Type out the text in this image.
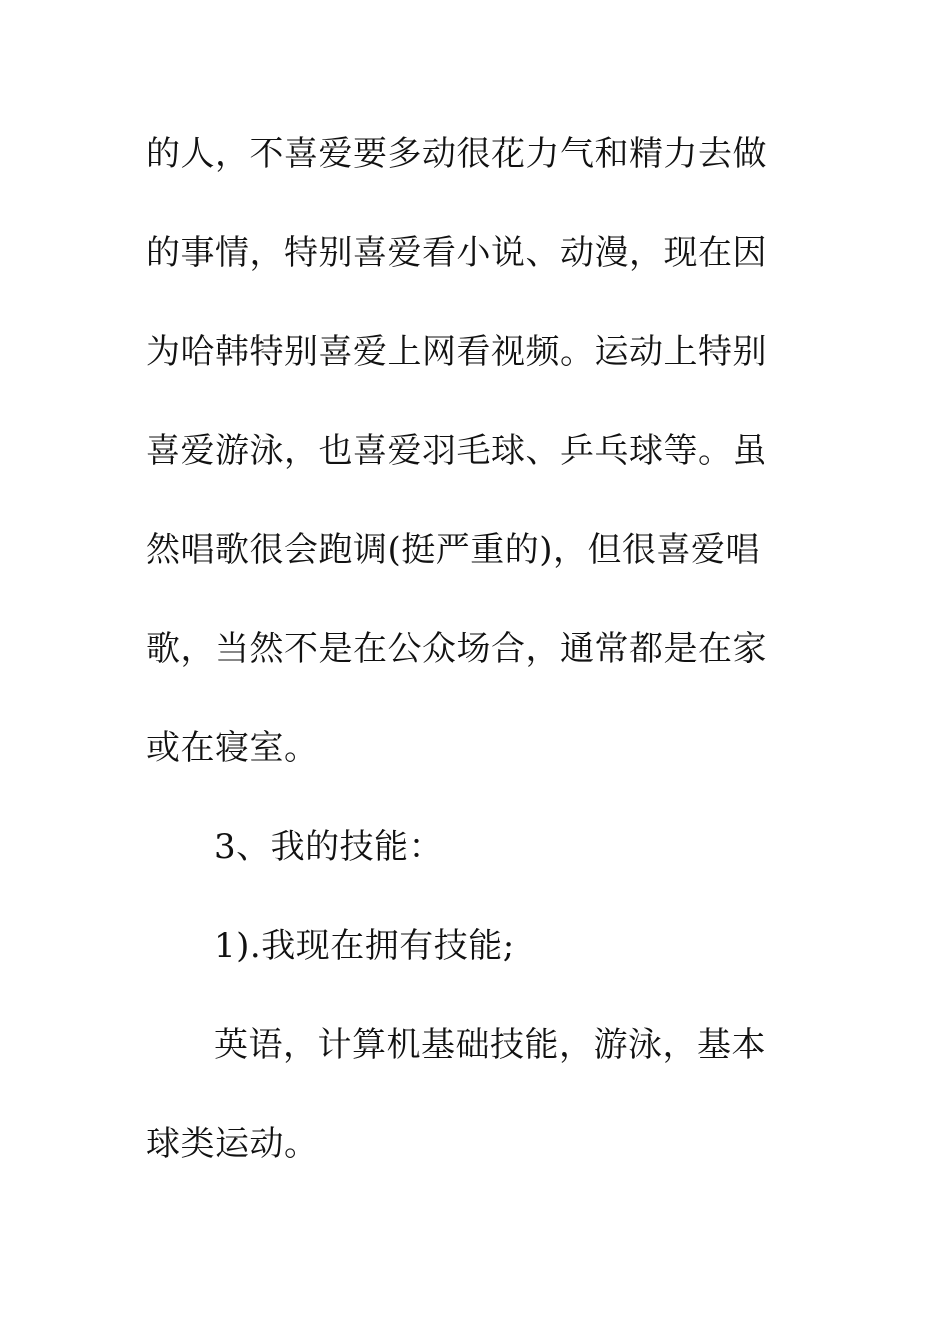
的人，不喜爱要多动很花力气和精力去做
的事情，特别喜爱看小说、动漫，现在因
为哈韩特别喜爱上网看视频。运动上特别
喜爱游泳，也喜爱羽毛球、乒乓球等。虽
然唱歌很会跑调(挺严重的)，但很喜爱唱
歌，当然不是在公众场合，通常都是在家
或在寝室。
3、我的技能：
1).我现在拥有技能;
英语，计算机基础技能，游泳，基本
球类运动。
